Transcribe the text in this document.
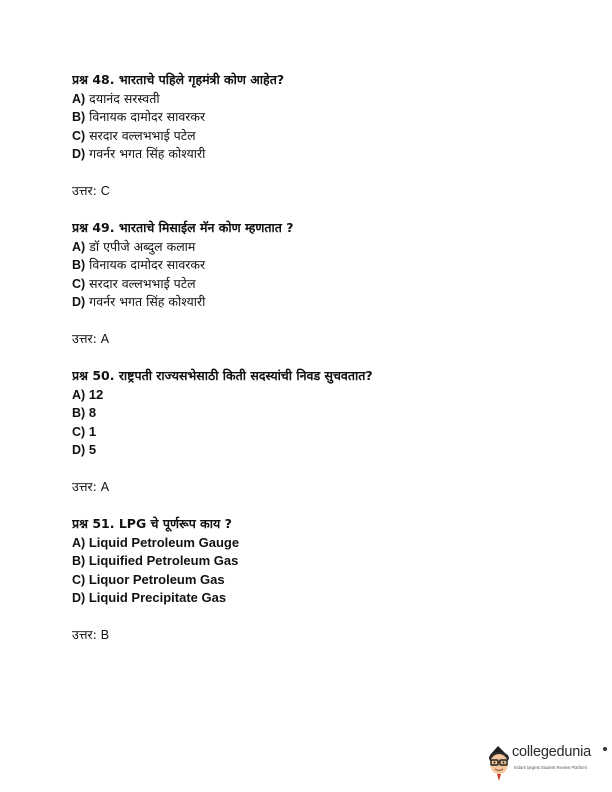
प्रश्न 48. भारताचे पहिले गृहमंत्री कोण आहेत?
A) दयानंद सरस्वती
B) विनायक दामोदर सावरकर
C) सरदार वल्लभभाई पटेल
D) गवर्नर भगत सिंह कोश्यारी
उत्तर: C
प्रश्न 49. भारताचे मिसाईल मॅन कोण म्हणतात ?
A) डॉ एपीजे अब्दुल कलाम
B) विनायक दामोदर सावरकर
C) सरदार वल्लभभाई पटेल
D) गवर्नर भगत सिंह कोश्यारी
उत्तर: A
प्रश्न 50. राष्ट्रपती राज्यसभेसाठी किती सदस्यांची निवड सुचवतात?
A) 12
B) 8
C) 1
D) 5
उत्तर: A
प्रश्न 51. LPG चे पूर्णरूप काय ?
A) Liquid Petroleum Gauge
B) Liquified Petroleum Gas
C) Liquor Petroleum Gas
D) Liquid Precipitate Gas
उत्तर: B
collegedunia
India's largest Student Review Platform
